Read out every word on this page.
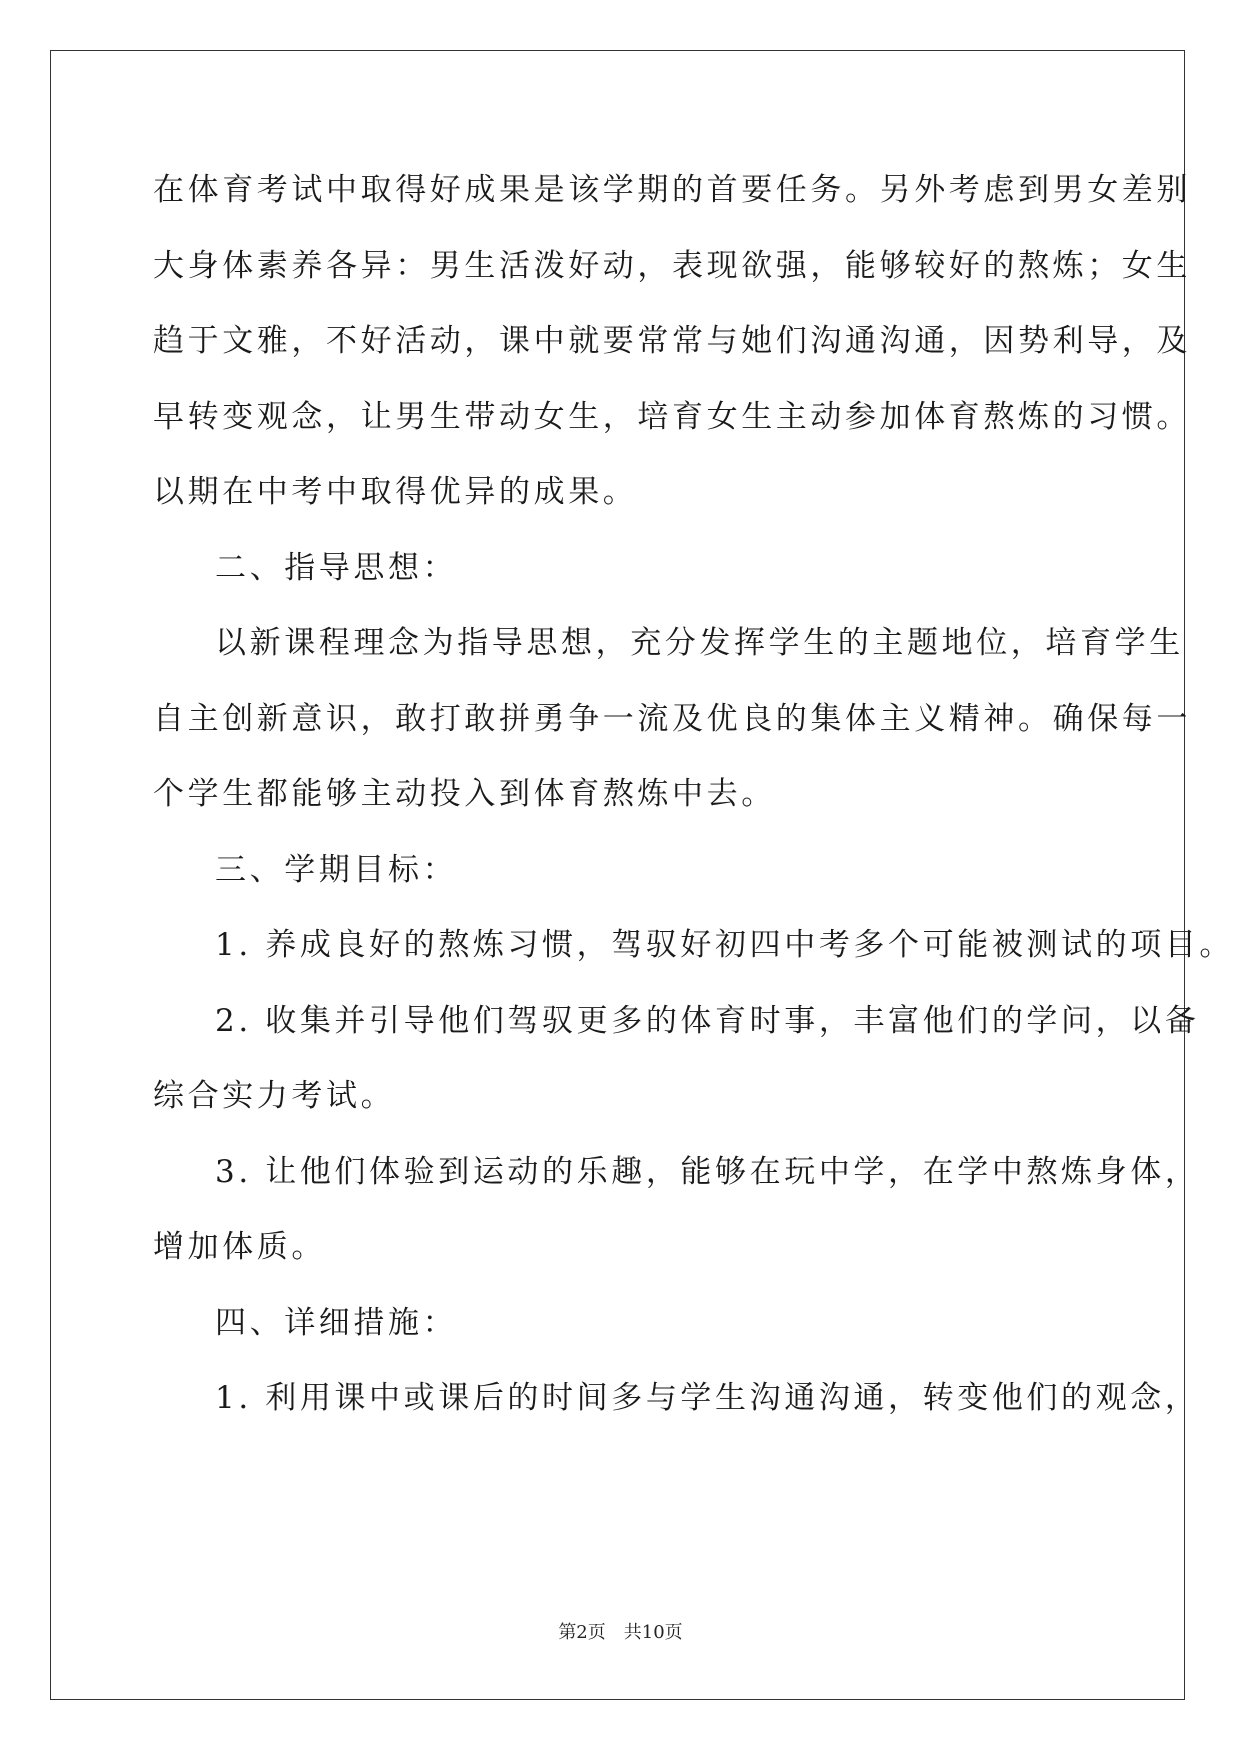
在体育考试中取得好成果是该学期的首要任务。另外考虑到男女差别
大身体素养各异：男生活泼好动，表现欲强，能够较好的熬炼；女生
趋于文雅，不好活动，课中就要常常与她们沟通沟通，因势利导，及
早转变观念，让男生带动女生，培育女生主动参加体育熬炼的习惯。
以期在中考中取得优异的成果。
二、指导思想：
以新课程理念为指导思想，充分发挥学生的主题地位，培育学生
自主创新意识，敢打敢拼勇争一流及优良的集体主义精神。确保每一
个学生都能够主动投入到体育熬炼中去。
三、学期目标：
1. 养成良好的熬炼习惯，驾驭好初四中考多个可能被测试的项目。
2. 收集并引导他们驾驭更多的体育时事，丰富他们的学问，以备
综合实力考试。
3. 让他们体验到运动的乐趣，能够在玩中学，在学中熬炼身体，
增加体质。
四、详细措施：
1. 利用课中或课后的时间多与学生沟通沟通，转变他们的观念，
第2页 共10页
